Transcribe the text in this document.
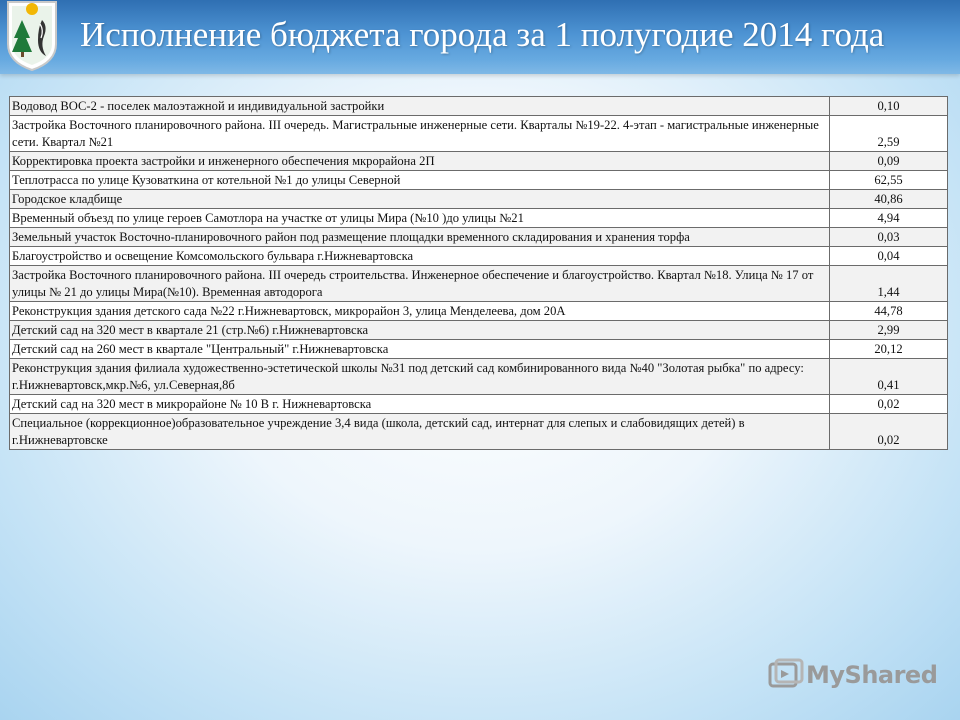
Исполнение бюджета города за 1 полугодие 2014 года
Водовод ВОС-2 - поселек малоэтажной и индивидуальной застройки	0,10
Застройка Восточного планировочного района. III очередь. Магистральные инженерные сети. Кварталы №19-22. 4-этап - магистральные инженерные сети. Квартал №21	2,59
Корректировка проекта застройки и инженерного обеспечения мкрорайона 2П	0,09
Теплотрасса по улице Кузоваткина от котельной №1 до улицы Северной	62,55
Городское кладбище	40,86
Временный объезд по улице героев Самотлора на участке от улицы Мира (№10 )до улицы №21	4,94
Земельный участок Восточно-планировочного район под размещение площадки временного складирования и хранения торфа	0,03
Благоустройство и освещение Комсомольского бульвара г.Нижневартовска	0,04
Застройка Восточного планировочного района. III очередь строительства. Инженерное обеспечение и благоустройство. Квартал №18. Улица № 17 от улицы № 21 до улицы Мира(№10). Временная автодорога	1,44
Реконструкция здания детского сада №22 г.Нижневартовск, микрорайон 3, улица Менделеева, дом 20А	44,78
Детский сад на 320 мест в квартале 21 (стр.№6) г.Нижневартовска	2,99
Детский сад на 260 мест в квартале "Центральный" г.Нижневартовска	20,12
Реконструкция здания филиала художественно-эстетической школы №31 под детский сад комбинированного вида №40 "Золотая рыбка" по адресу: г.Нижневартовск,мкр.№6, ул.Северная,8б	0,41
Детский сад на 320 мест в микрорайоне № 10 В г. Нижневартовска	0,02
Специальное (коррекционное)образовательное учреждение 3,4 вида (школа, детский сад, интернат для слепых и слабовидящих детей) в г.Нижневартовске	0,02
MyShared
